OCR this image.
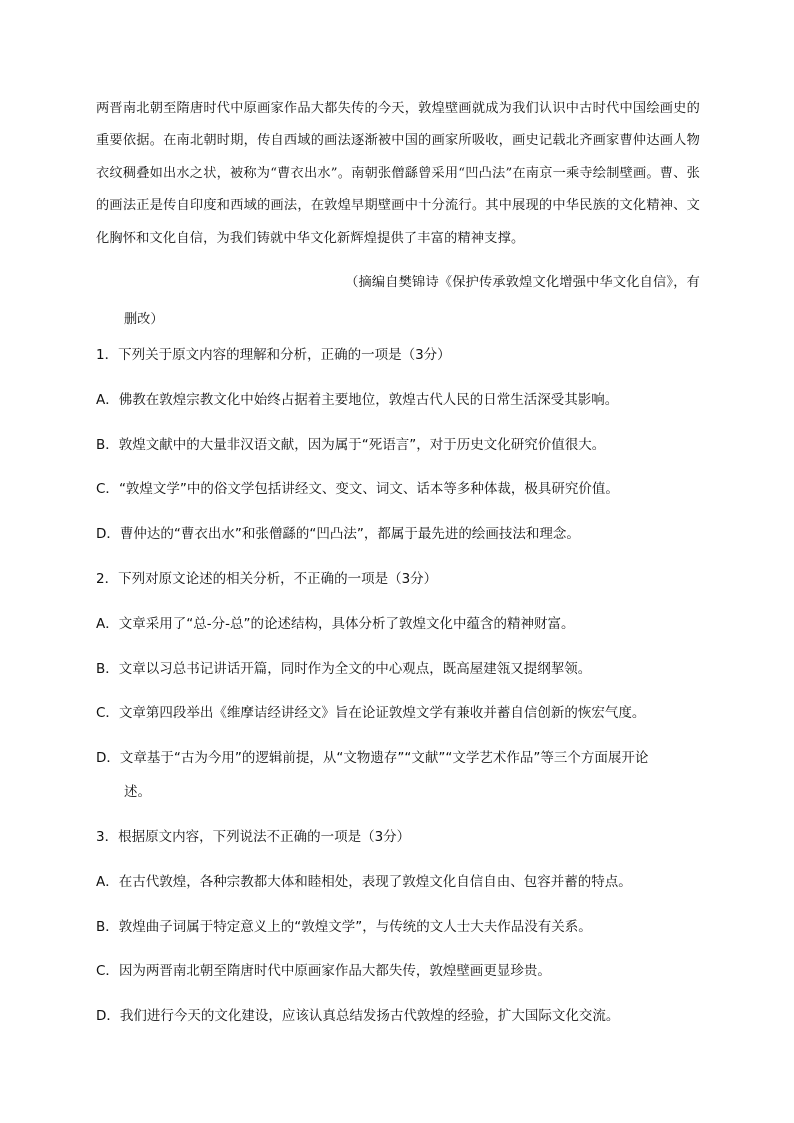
两晋南北朝至隋唐时代中原画家作品大都失传的今天，敦煌壁画就成为我们认识中古时代中国绘画史的重要依据。在南北朝时期，传自西域的画法逐渐被中国的画家所吸收，画史记载北齐画家曹仲达画人物衣纹稠叠如出水之状，被称为“曹衣出水”。南朝张僧繇曾采用“凹凸法”在南京一乘寺绘制壁画。曹、张的画法正是传自印度和西域的画法，在敦煌早期壁画中十分流行。其中展现的中华民族的文化精神、文化胸怀和文化自信，为我们铸就中华文化新辉煌提供了丰富的精神支撑。
（摘编自樊锦诗《保护传承敦煌文化增强中华文化自信》，有
删改）
1． 下列关于原文内容的理解和分析，正确的一项是（3分）
A． 佛教在敦煌宗教文化中始终占据着主要地位，敦煌古代人民的日常生活深受其影响。
B． 敦煌文献中的大量非汉语文献，因为属于“死语言”，对于历史文化研究价值很大。
C． “敦煌文学”中的俗文学包括讲经文、变文、词文、话本等多种体裁，极具研究价值。
D． 曹仲达的“曹衣出水”和张僧繇的“凹凸法”，都属于最先进的绘画技法和理念。
2． 下列对原文论述的相关分析，不正确的一项是（3分）
A． 文章采用了“总-分-总”的论述结构，具体分析了敦煌文化中蕴含的精神财富。
B． 文章以习总书记讲话开篇，同时作为全文的中心观点，既高屋建瓴又提纲挈领。
C． 文章第四段举出《维摩诘经讲经文》旨在论证敦煌文学有兼收并蓄自信创新的恢宏气度。
D． 文章基于“古为今用”的逻辑前提，从“文物遗存”“文献”“文学艺术作品”等三个方面展开论
述。
3． 根据原文内容，下列说法不正确的一项是（3分）
A． 在古代敦煌，各种宗教都大体和睦相处，表现了敦煌文化自信自由、包容并蓄的特点。
B． 敦煌曲子词属于特定意义上的“敦煌文学”，与传统的文人士大夫作品没有关系。
C． 因为两晋南北朝至隋唐时代中原画家作品大都失传，敦煌壁画更显珍贵。
D． 我们进行今天的文化建设，应该认真总结发扬古代敦煌的经验，扩大国际文化交流。
